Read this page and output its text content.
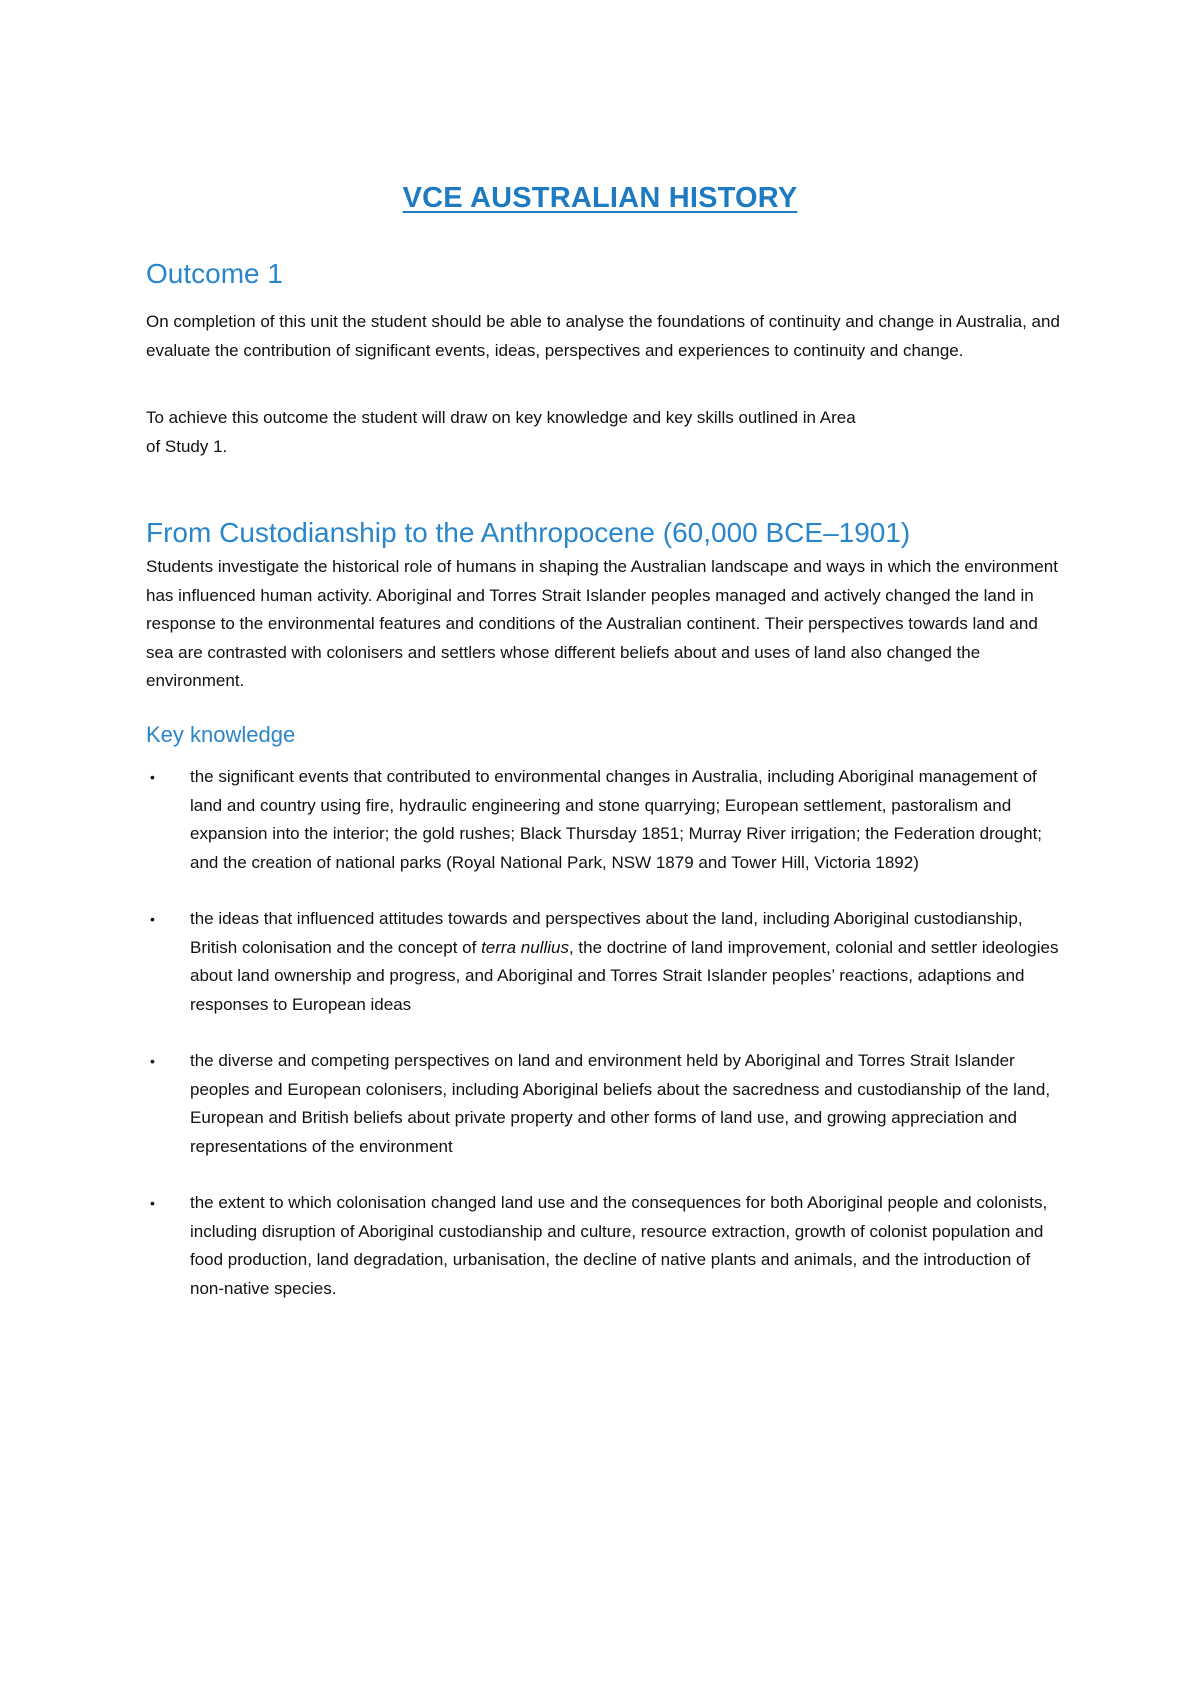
VCE AUSTRALIAN HISTORY
Outcome 1
On completion of this unit the student should be able to analyse the foundations of continuity and change in Australia, and evaluate the contribution of significant events, ideas, perspectives and experiences to continuity and change.
To achieve this outcome the student will draw on key knowledge and key skills outlined in Area
of Study 1.
From Custodianship to the Anthropocene (60,000 BCE–1901)
Students investigate the historical role of humans in shaping the Australian landscape and ways in which the environment has influenced human activity. Aboriginal and Torres Strait Islander peoples managed and actively changed the land in response to the environmental features and conditions of the Australian continent. Their perspectives towards land and sea are contrasted with colonisers and settlers whose different beliefs about and uses of land also changed the environment.
Key knowledge
• the significant events that contributed to environmental changes in Australia, including Aboriginal management of land and country using fire, hydraulic engineering and stone quarrying; European settlement, pastoralism and expansion into the interior; the gold rushes; Black Thursday 1851; Murray River irrigation; the Federation drought; and the creation of national parks (Royal National Park, NSW 1879 and Tower Hill, Victoria 1892)
• the ideas that influenced attitudes towards and perspectives about the land, including Aboriginal custodianship, British colonisation and the concept of terra nullius, the doctrine of land improvement, colonial and settler ideologies about land ownership and progress, and Aboriginal and Torres Strait Islander peoples’ reactions, adaptions and responses to European ideas
• the diverse and competing perspectives on land and environment held by Aboriginal and Torres Strait Islander peoples and European colonisers, including Aboriginal beliefs about the sacredness and custodianship of the land, European and British beliefs about private property and other forms of land use, and growing appreciation and representations of the environment
• the extent to which colonisation changed land use and the consequences for both Aboriginal people and colonists, including disruption of Aboriginal custodianship and culture, resource extraction, growth of colonist population and food production, land degradation, urbanisation, the decline of native plants and animals, and the introduction of non-native species.
